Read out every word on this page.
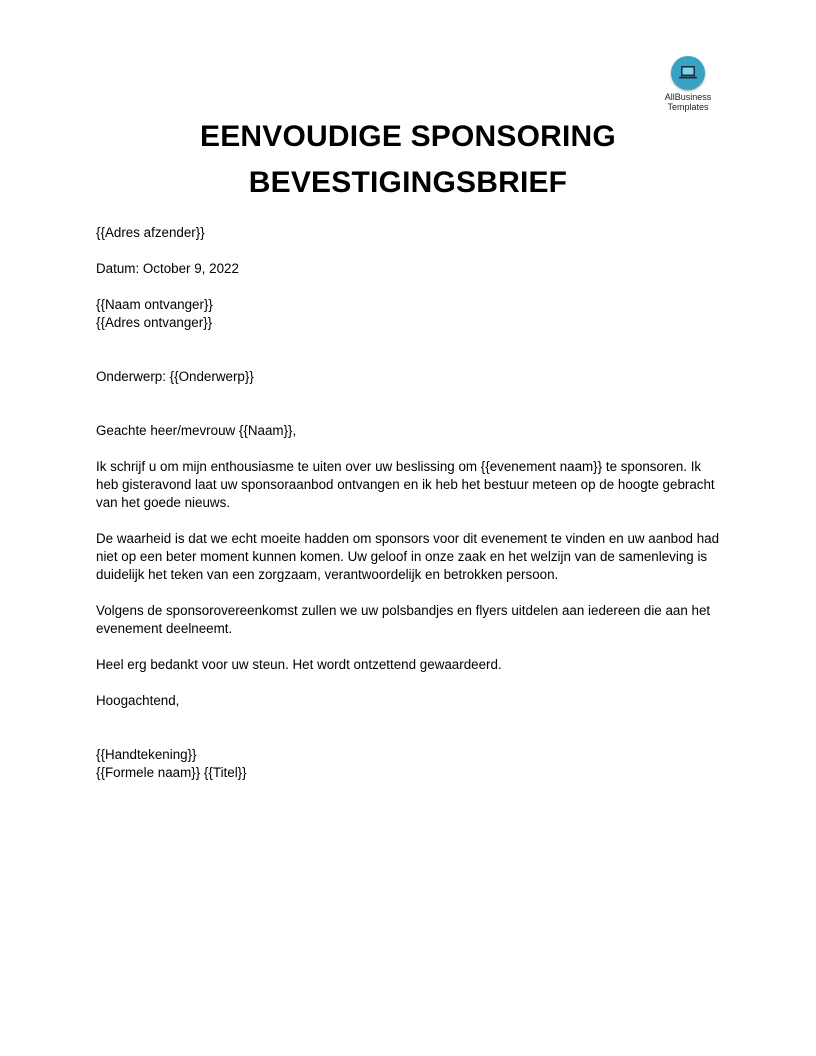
AllBusiness
Templates
EENVOUDIGE SPONSORING
BEVESTIGINGSBRIEF

{{Adres afzender}}

Datum: October 9, 2022

{{Naam ontvanger}}

{{Adres ontvanger}}

Onderwerp: {{Onderwerp}}

Geachte heer/mevrouw {{Naam}},

Ik schrijf u om mijn enthousiasme te uiten over uw beslissing om {{evenement naam}} te sponsoren. Ik heb gisteravond laat uw sponsoraanbod ontvangen en ik heb het bestuur meteen op de hoogte gebracht van het goede nieuws.

De waarheid is dat we echt moeite hadden om sponsors voor dit evenement te vinden en uw aanbod had niet op een beter moment kunnen komen. Uw geloof in onze zaak en het welzijn van de samenleving is duidelijk het teken van een zorgzaam, verantwoordelijk en betrokken persoon.

Volgens de sponsorovereenkomst zullen we uw polsbandjes en flyers uitdelen aan iedereen die aan het evenement deelneemt.

Heel erg bedankt voor uw steun. Het wordt ontzettend gewaardeerd.

Hoogachtend,

{{Handtekening}}

{{Formele naam}} {{Titel}}
